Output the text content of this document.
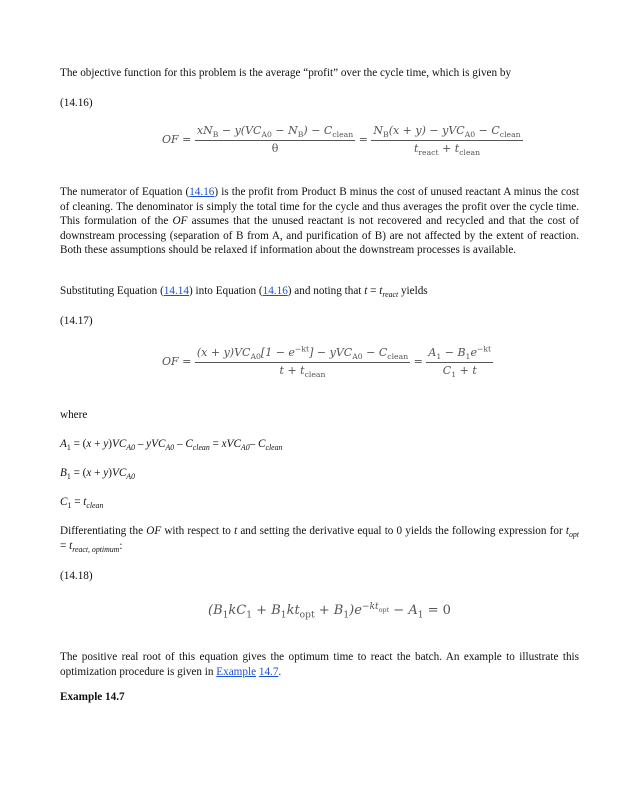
The objective function for this problem is the average “profit” over the cycle time, which is given by

(14.16)
OF = $\frac{xN_B - y(VC_{A0} - N_B) - C_{clean}}{\theta} = \frac{N_B(x + y) - yVC_{A0} - C_{clean}}{t_{react} + t_{clean}}$

The numerator of Equation (14.16) is the profit from Product B minus the cost of unused reactant A minus the cost of cleaning. The denominator is simply the total time for the cycle and thus averages the profit over the cycle time. This formulation of the OF assumes that the unused reactant is not recovered and recycled and that the cost of downstream processing (separation of B from A, and purification of B) are not affected by the extent of reaction. Both these assumptions should be relaxed if information about the downstream processes is available.

Substituting Equation (14.14) into Equation (14.16) and noting that $t = t_{react}$ yields

(14.17)
OF = $\frac{(x + y)VC_{A0}[1 - e^{-kt}] - yVC_{A0} - C_{clean}}{t + t_{clean}} = \frac{A_1 - B_1e^{-kt}}{C_1 + t}$

where

$A_1 = (x + y)VC_{A0} - yVC_{A0} - C_{clean} = xVC_{A0}-$ $C_{clean}$
$B_1 = (x + y)VC_{A0}$
$C_1 = t_{clean}$

Differentiating the OF with respect to t and setting the derivative equal to 0 yields the following expression for $t_{opt} = t_{react, optimum}$:

(14.18)
$(B_1kC_1 + B_1kt_{opt} + B_1)e^{-kt_{opt}} - A_1 = 0$

The positive real root of this equation gives the optimum time to react the batch. An example to illustrate this optimization procedure is given in Example 14.7.

Example 14.7
